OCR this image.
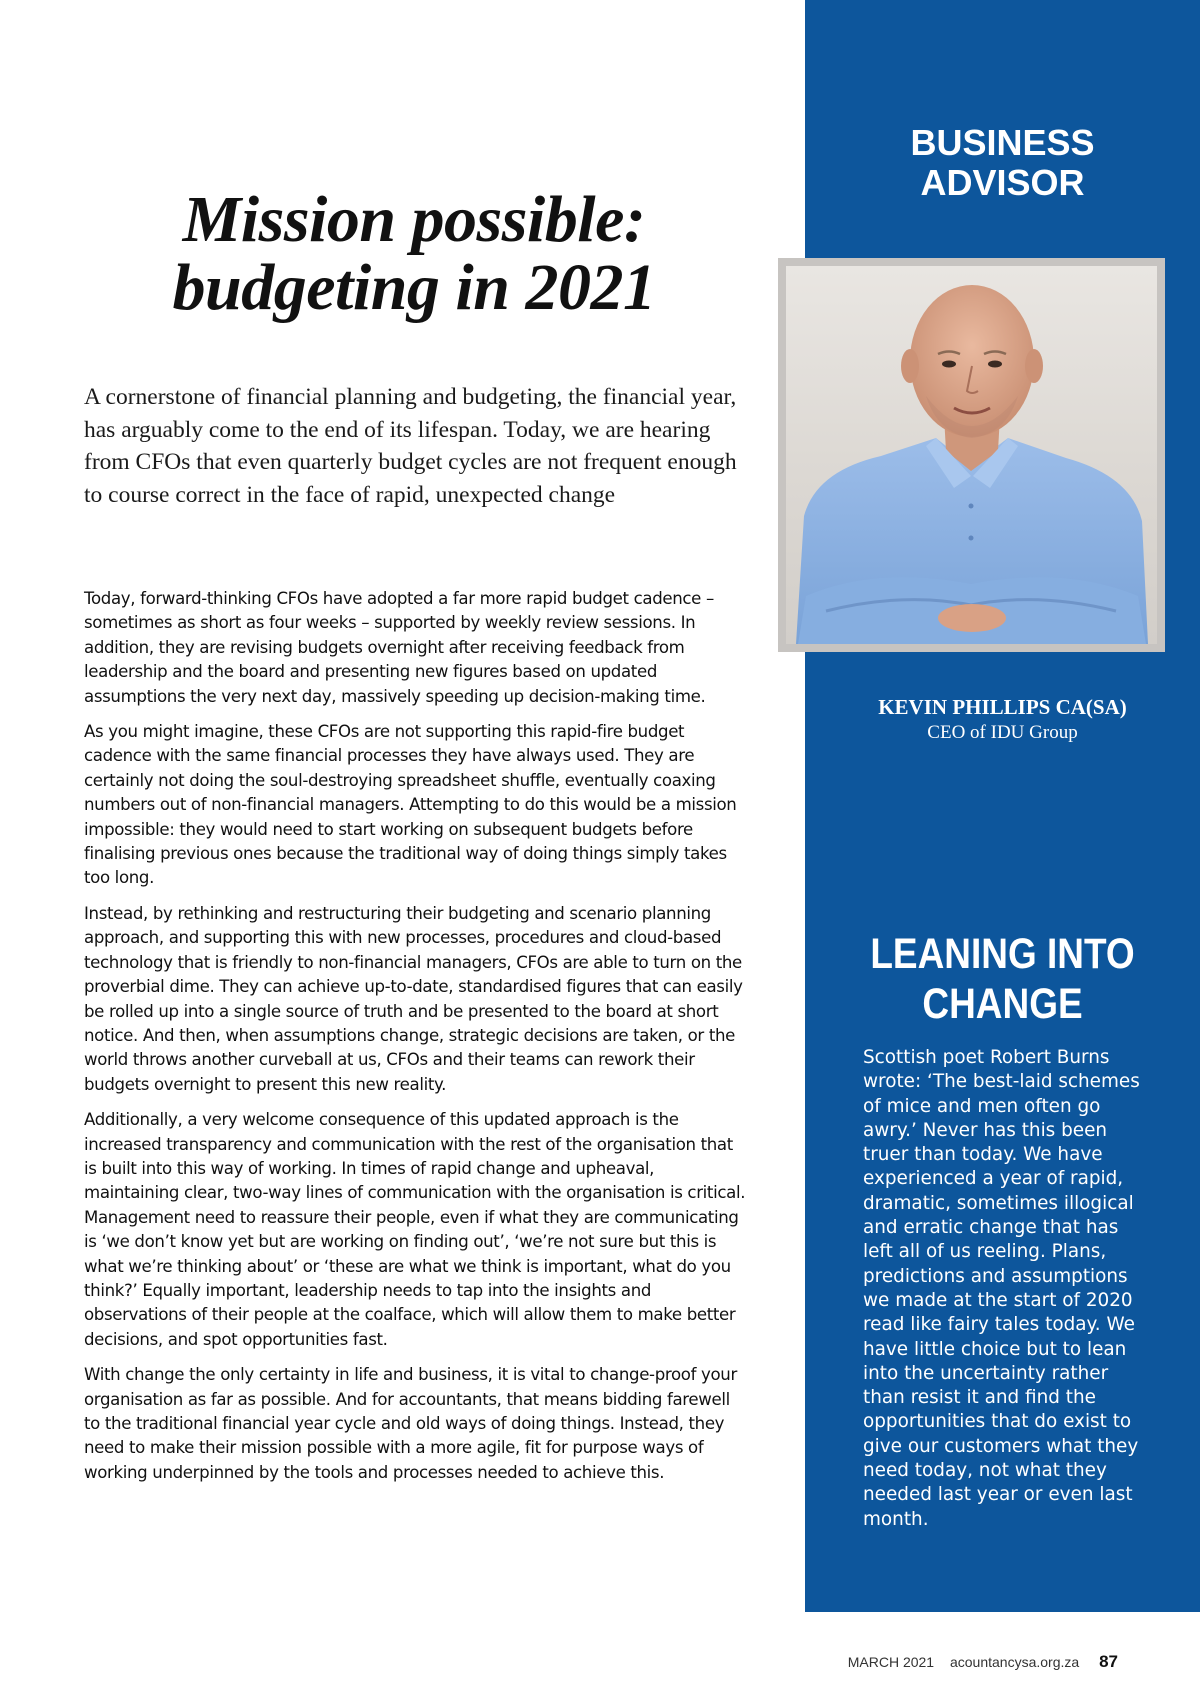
BUSINESS
ADVISOR
KEVIN PHILLIPS CA(SA)
CEO of IDU Group
LEANING INTO
CHANGE
Scottish poet Robert Burns wrote: ‘The best-laid schemes of mice and men often go awry.’ Never has this been truer than today. We have experienced a year of rapid, dramatic, sometimes illogical and erratic change that has left all of us reeling. Plans, predictions and assumptions we made at the start of 2020 read like fairy tales today. We have little choice but to lean into the uncertainty rather than resist it and find the opportunities that do exist to give our customers what they need today, not what they needed last year or even last month.
Mission possible:
budgeting in 2021
A cornerstone of financial planning and budgeting, the financial year, has arguably come to the end of its lifespan. Today, we are hearing from CFOs that even quarterly budget cycles are not frequent enough to course correct in the face of rapid, unexpected change

Today, forward-thinking CFOs have adopted a far more rapid budget cadence – sometimes as short as four weeks – supported by weekly review sessions. In addition, they are revising budgets overnight after receiving feedback from leadership and the board and presenting new figures based on updated assumptions the very next day, massively speeding up decision-making time.

As you might imagine, these CFOs are not supporting this rapid-fire budget cadence with the same financial processes they have always used. They are certainly not doing the soul-destroying spreadsheet shuffle, eventually coaxing numbers out of non-financial managers. Attempting to do this would be a mission impossible: they would need to start working on subsequent budgets before finalising previous ones because the traditional way of doing things simply takes too long.

Instead, by rethinking and restructuring their budgeting and scenario planning approach, and supporting this with new processes, procedures and cloud-based technology that is friendly to non-financial managers, CFOs are able to turn on the proverbial dime. They can achieve up-to-date, standardised figures that can easily be rolled up into a single source of truth and be presented to the board at short notice. And then, when assumptions change, strategic decisions are taken, or the world throws another curveball at us, CFOs and their teams can rework their budgets overnight to present this new reality.

Additionally, a very welcome consequence of this updated approach is the increased transparency and communication with the rest of the organisation that is built into this way of working. In times of rapid change and upheaval, maintaining clear, two-way lines of communication with the organisation is critical. Management need to reassure their people, even if what they are communicating is ‘we don’t know yet but are working on finding out’, ‘we’re not sure but this is what we’re thinking about’ or ‘these are what we think is important, what do you think?’ Equally important, leadership needs to tap into the insights and observations of their people at the coalface, which will allow them to make better decisions, and spot opportunities fast.

With change the only certainty in life and business, it is vital to change-proof your organisation as far as possible. And for accountants, that means bidding farewell to the traditional financial year cycle and old ways of doing things. Instead, they need to make their mission possible with a more agile, fit for purpose ways of working underpinned by the tools and processes needed to achieve this.

MARCH 2021 acountancysa.org.za 87
